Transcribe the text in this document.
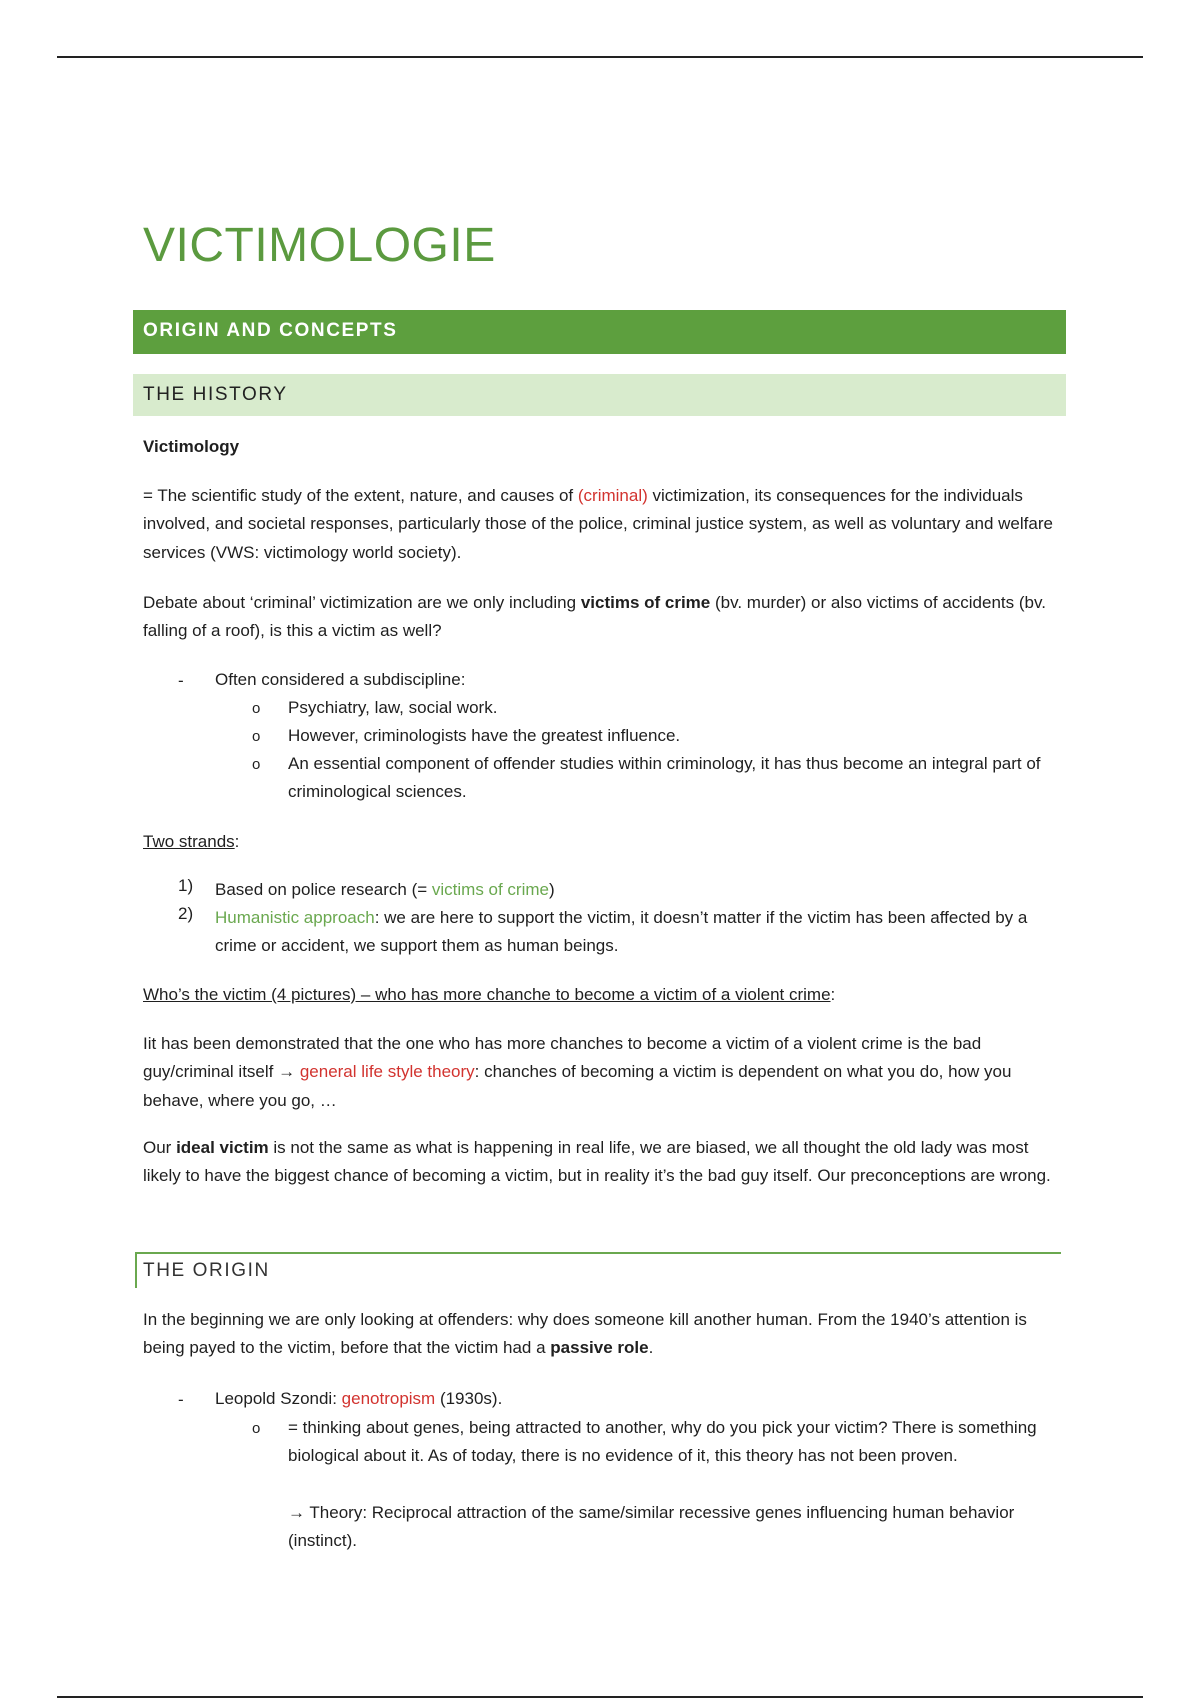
VICTIMOLOGIE
ORIGIN AND CONCEPTS
THE HISTORY

Victimology

= The scientific study of the extent, nature, and causes of (criminal) victimization, its consequences for the individuals involved, and societal responses, particularly those of the police, criminal justice system, as well as voluntary and welfare services (VWS: victimology world society).

Debate about ‘criminal’ victimization are we only including victims of crime (bv. murder) or also victims of accidents (bv. falling of a roof), is this a victim as well?

- Often considered a subdiscipline:
o Psychiatry, law, social work.
o However, criminologists have the greatest influence.
o An essential component of offender studies within criminology, it has thus become an integral part of criminological sciences.

Two strands:

1) Based on police research (= victims of crime)
2) Humanistic approach: we are here to support the victim, it doesn’t matter if the victim has been affected by a crime or accident, we support them as human beings.

Who’s the victim (4 pictures) – who has more chanche to become a victim of a violent crime:

Iit has been demonstrated that the one who has more chanches to become a victim of a violent crime is the bad guy/criminal itself → general life style theory: chanches of becoming a victim is dependent on what you do, how you behave, where you go, …

Our ideal victim is not the same as what is happening in real life, we are biased, we all thought the old lady was most likely to have the biggest chance of becoming a victim, but in reality it’s the bad guy itself. Our preconceptions are wrong.

THE ORIGIN

In the beginning we are only looking at offenders: why does someone kill another human. From the 1940’s attention is being payed to the victim, before that the victim had a passive role.

- Leopold Szondi: genotropism (1930s).
o = thinking about genes, being attracted to another, why do you pick your victim? There is something biological about it. As of today, there is no evidence of it, this theory has not been proven.
→ Theory: Reciprocal attraction of the same/similar recessive genes influencing human behavior (instinct).
